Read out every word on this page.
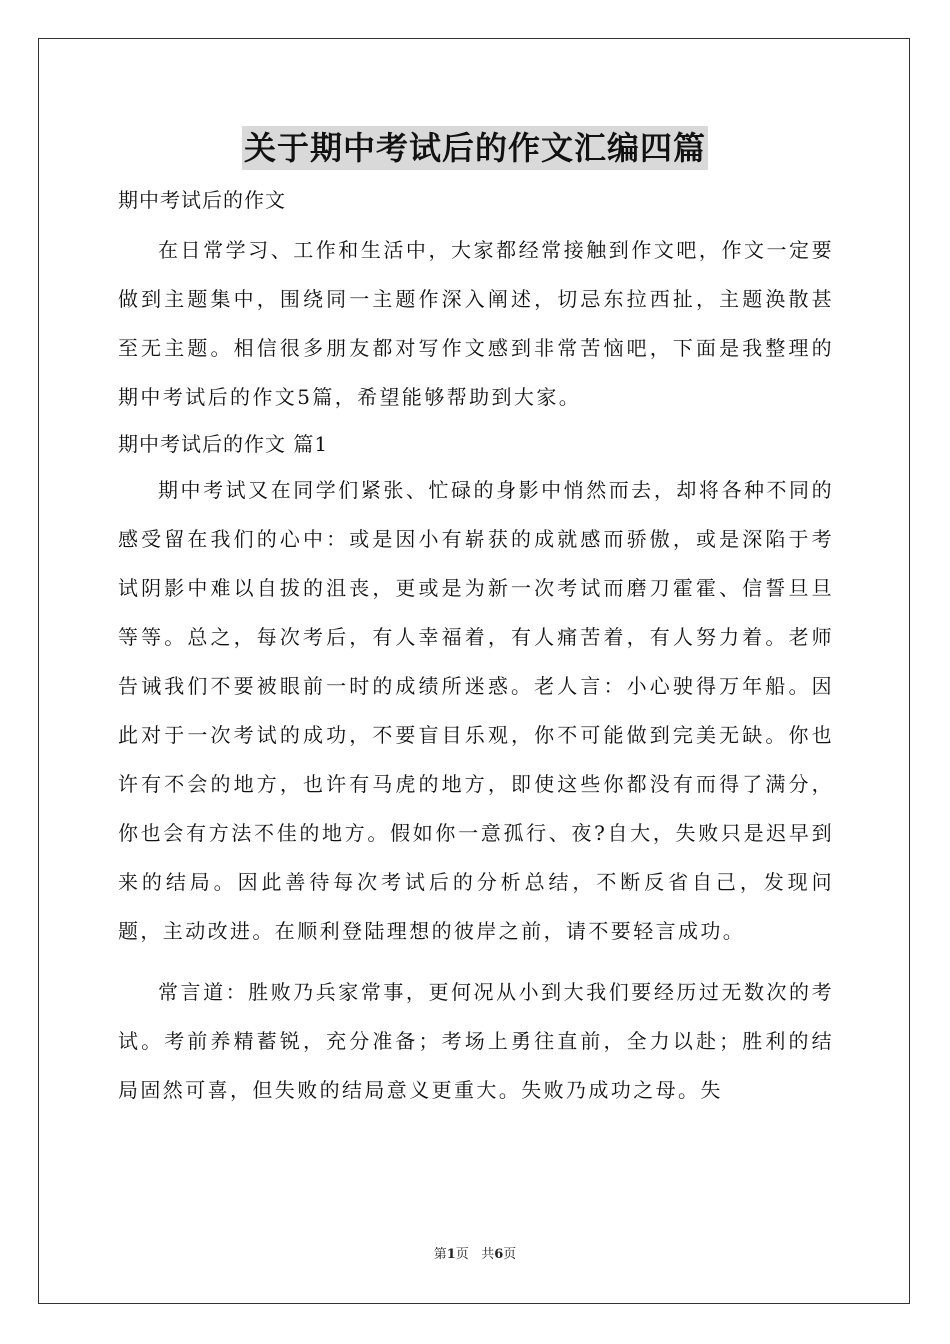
关于期中考试后的作文汇编四篇

期中考试后的作文

在日常学习、工作和生活中，大家都经常接触到作文吧，作文一定要做到主题集中，围绕同一主题作深入阐述，切忌东拉西扯，主题涣散甚至无主题。相信很多朋友都对写作文感到非常苦恼吧，下面是我整理的期中考试后的作文5篇，希望能够帮助到大家。

期中考试后的作文 篇1

期中考试又在同学们紧张、忙碌的身影中悄然而去，却将各种不同的感受留在我们的心中：或是因小有崭获的成就感而骄傲，或是深陷于考试阴影中难以自拔的沮丧，更或是为新一次考试而磨刀霍霍、信誓旦旦等等。总之，每次考后，有人幸福着，有人痛苦着，有人努力着。老师告诫我们不要被眼前一时的成绩所迷惑。老人言：小心驶得万年船。因此对于一次考试的成功，不要盲目乐观，你不可能做到完美无缺。你也许有不会的地方，也许有马虎的地方，即使这些你都没有而得了满分，你也会有方法不佳的地方。假如你一意孤行、夜?自大，失败只是迟早到来的结局。因此善待每次考试后的分析总结，不断反省自己，发现问题，主动改进。在顺利登陆理想的彼岸之前，请不要轻言成功。

常言道：胜败乃兵家常事，更何况从小到大我们要经历过无数次的考试。考前养精蓄锐，充分准备；考场上勇往直前，全力以赴；胜利的结局固然可喜，但失败的结局意义更重大。失败乃成功之母。失

第1页 共6页
